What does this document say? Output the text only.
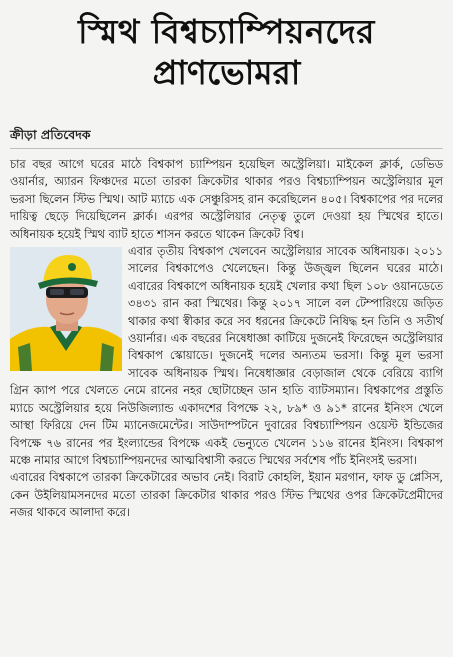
স্মিথ বিশ্বচ্যাম্পিয়নদের
প্রাণভোমরা
ক্রীড়া প্রতিবেদক

চার বছর আগে ঘরের মাঠে বিশ্বকাপ চ্যাম্পিয়ন হয়েছিল অস্ট্রেলিয়া। মাইকেল ক্লার্ক, ডেভিড ওয়ার্নার, অ্যারন ফিঞ্চদের মতো তারকা ক্রিকেটার থাকার পরও বিশ্বচ্যাম্পিয়ন অস্ট্রেলিয়ার মূল ভরসা ছিলেন স্টিভ স্মিথ। আট ম্যাচে এক সেঞ্চুরিসহ রান করেছিলেন ৪০৫। বিশ্বকাপের পর দলের দায়িত্ব ছেড়ে দিয়েছিলেন ক্লার্ক। এরপর অস্ট্রেলিয়ার নেতৃত্ব তুলে দেওয়া হয় স্মিথের হাতে। অধিনায়ক হয়েই স্মিথ ব্যাট হাতে শাসন করতে থাকেন ক্রিকেট বিশ্ব।

এবার তৃতীয় বিশ্বকাপ খেলবেন অস্ট্রেলিয়ার সাবেক অধিনায়ক। ২০১১ সালের বিশ্বকাপেও খেলেছেন। কিন্তু উজ্জ্বল ছিলেন ঘরের মাঠে। এবারের বিশ্বকাপে অধিনায়ক হয়েই খেলার কথা ছিল ১০৮ ওয়ানডেতে ৩৪৩১ রান করা স্মিথের। কিন্তু ২০১৭ সালে বল টেম্পারিংয়ে জড়িত থাকার কথা স্বীকার করে সব ধরনের ক্রিকেটে নিষিদ্ধ হন তিনি ও সতীর্থ ওয়ার্নার। এক বছরের নিষেধাজ্ঞা কাটিয়ে দুজনেই ফিরেছেন অস্ট্রেলিয়ার বিশ্বকাপ স্কোয়াডে। দুজনেই দলের অন্যতম ভরসা। কিন্তু মূল ভরসা সাবেক অধিনায়ক স্মিথ। নিষেধাজ্ঞার বেড়াজাল থেকে বেরিয়ে ব্যাগি গ্রিন ক্যাপ পরে খেলতে নেমে রানের নহর ছোটাচ্ছেন ডান হাতি ব্যাটসম্যান। বিশ্বকাপের প্রস্তুতি ম্যাচে অস্ট্রেলিয়ার হয়ে নিউজিল্যান্ড একাদশের বিপক্ষে ২২, ৮৯* ও ৯১* রানের ইনিংস খেলে আস্থা ফিরিয়ে দেন টিম ম্যানেজমেন্টের। সাউদাম্পটনে দুবারের বিশ্বচ্যাম্পিয়ন ওয়েস্ট ইন্ডিজের বিপক্ষে ৭৬ রানের পর ইংল্যান্ডের বিপক্ষে একই ভেন্যুতে খেলেন ১১৬ রানের ইনিংস। বিশ্বকাপ মঞ্চে নামার আগে বিশ্বচ্যাম্পিয়নদের আত্মবিশ্বাসী করতে স্মিথের সর্বশেষ পাঁচ ইনিংসই ভরসা।

এবারের বিশ্বকাপে তারকা ক্রিকেটারের অভাব নেই। বিরাট কোহলি, ইয়ান মরগান, ফাফ ডু প্লেসিস, কেন উইলিয়ামসনদের মতো তারকা ক্রিকেটার থাকার পরও স্টিভ স্মিথের ওপর ক্রিকেটপ্রেমীদের নজর থাকবে আলাদা করে।
